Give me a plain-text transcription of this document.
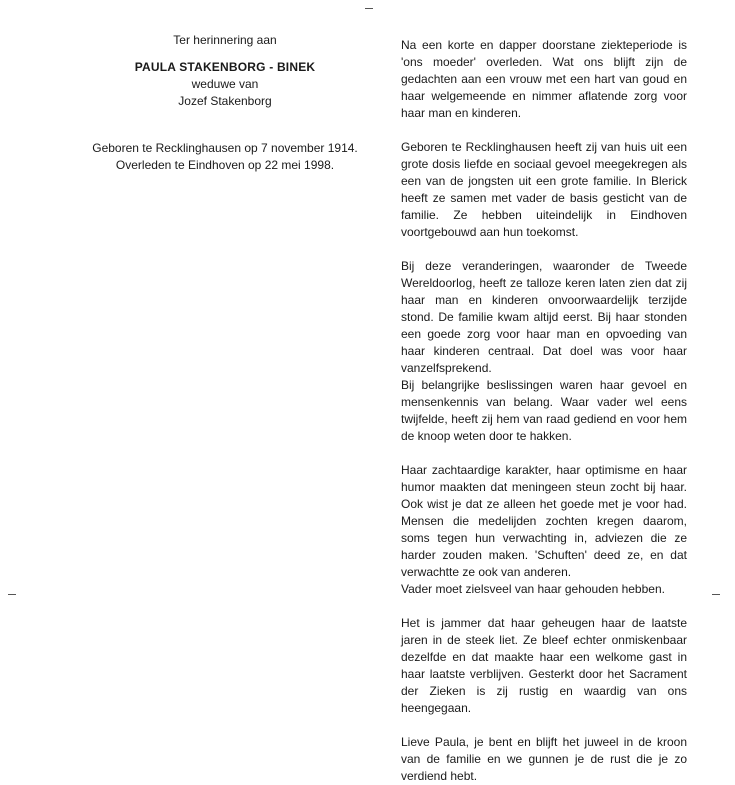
Ter herinnering aan
PAULA STAKENBORG - BINEK
weduwe van
Jozef Stakenborg
Geboren te Recklinghausen op 7 november 1914.
Overleden te Eindhoven op 22 mei 1998.

Na een korte en dapper doorstane ziekteperiode is 'ons moeder' overleden. Wat ons blijft zijn de gedachten aan een vrouw met een hart van goud en haar welgemeende en nimmer aflatende zorg voor haar man en kinderen.

Geboren te Recklinghausen heeft zij van huis uit een grote dosis liefde en sociaal gevoel meegekregen als een van de jongsten uit een grote familie. In Blerick heeft ze samen met vader de basis gesticht van de familie. Ze hebben uiteindelijk in Eindhoven voortgebouwd aan hun toekomst.

Bij deze veranderingen, waaronder de Tweede Wereldoorlog, heeft ze talloze keren laten zien dat zij haar man en kinderen onvoorwaardelijk terzijde stond. De familie kwam altijd eerst. Bij haar stonden een goede zorg voor haar man en opvoeding van haar kinderen centraal. Dat doel was voor haar vanzelfsprekend.

Bij belangrijke beslissingen waren haar gevoel en mensenkennis van belang. Waar vader wel eens twijfelde, heeft zij hem van raad gediend en voor hem de knoop weten door te hakken.

Haar zachtaardige karakter, haar optimisme en haar humor maakten dat meningeen steun zocht bij haar. Ook wist je dat ze alleen het goede met je voor had. Mensen die medelijden zochten kregen daarom, soms tegen hun verwachting in, adviezen die ze harder zouden maken. 'Schuften' deed ze, en dat verwachtte ze ook van anderen.

Vader moet zielsveel van haar gehouden hebben.

Het is jammer dat haar geheugen haar de laatste jaren in de steek liet. Ze bleef echter onmiskenbaar dezelfde en dat maakte haar een welkome gast in haar laatste verblijven. Gesterkt door het Sacrament der Zieken is zij rustig en waardig van ons heengegaan.

Lieve Paula, je bent en blijft het juweel in de kroon van de familie en we gunnen je de rust die je zo verdiend hebt.
